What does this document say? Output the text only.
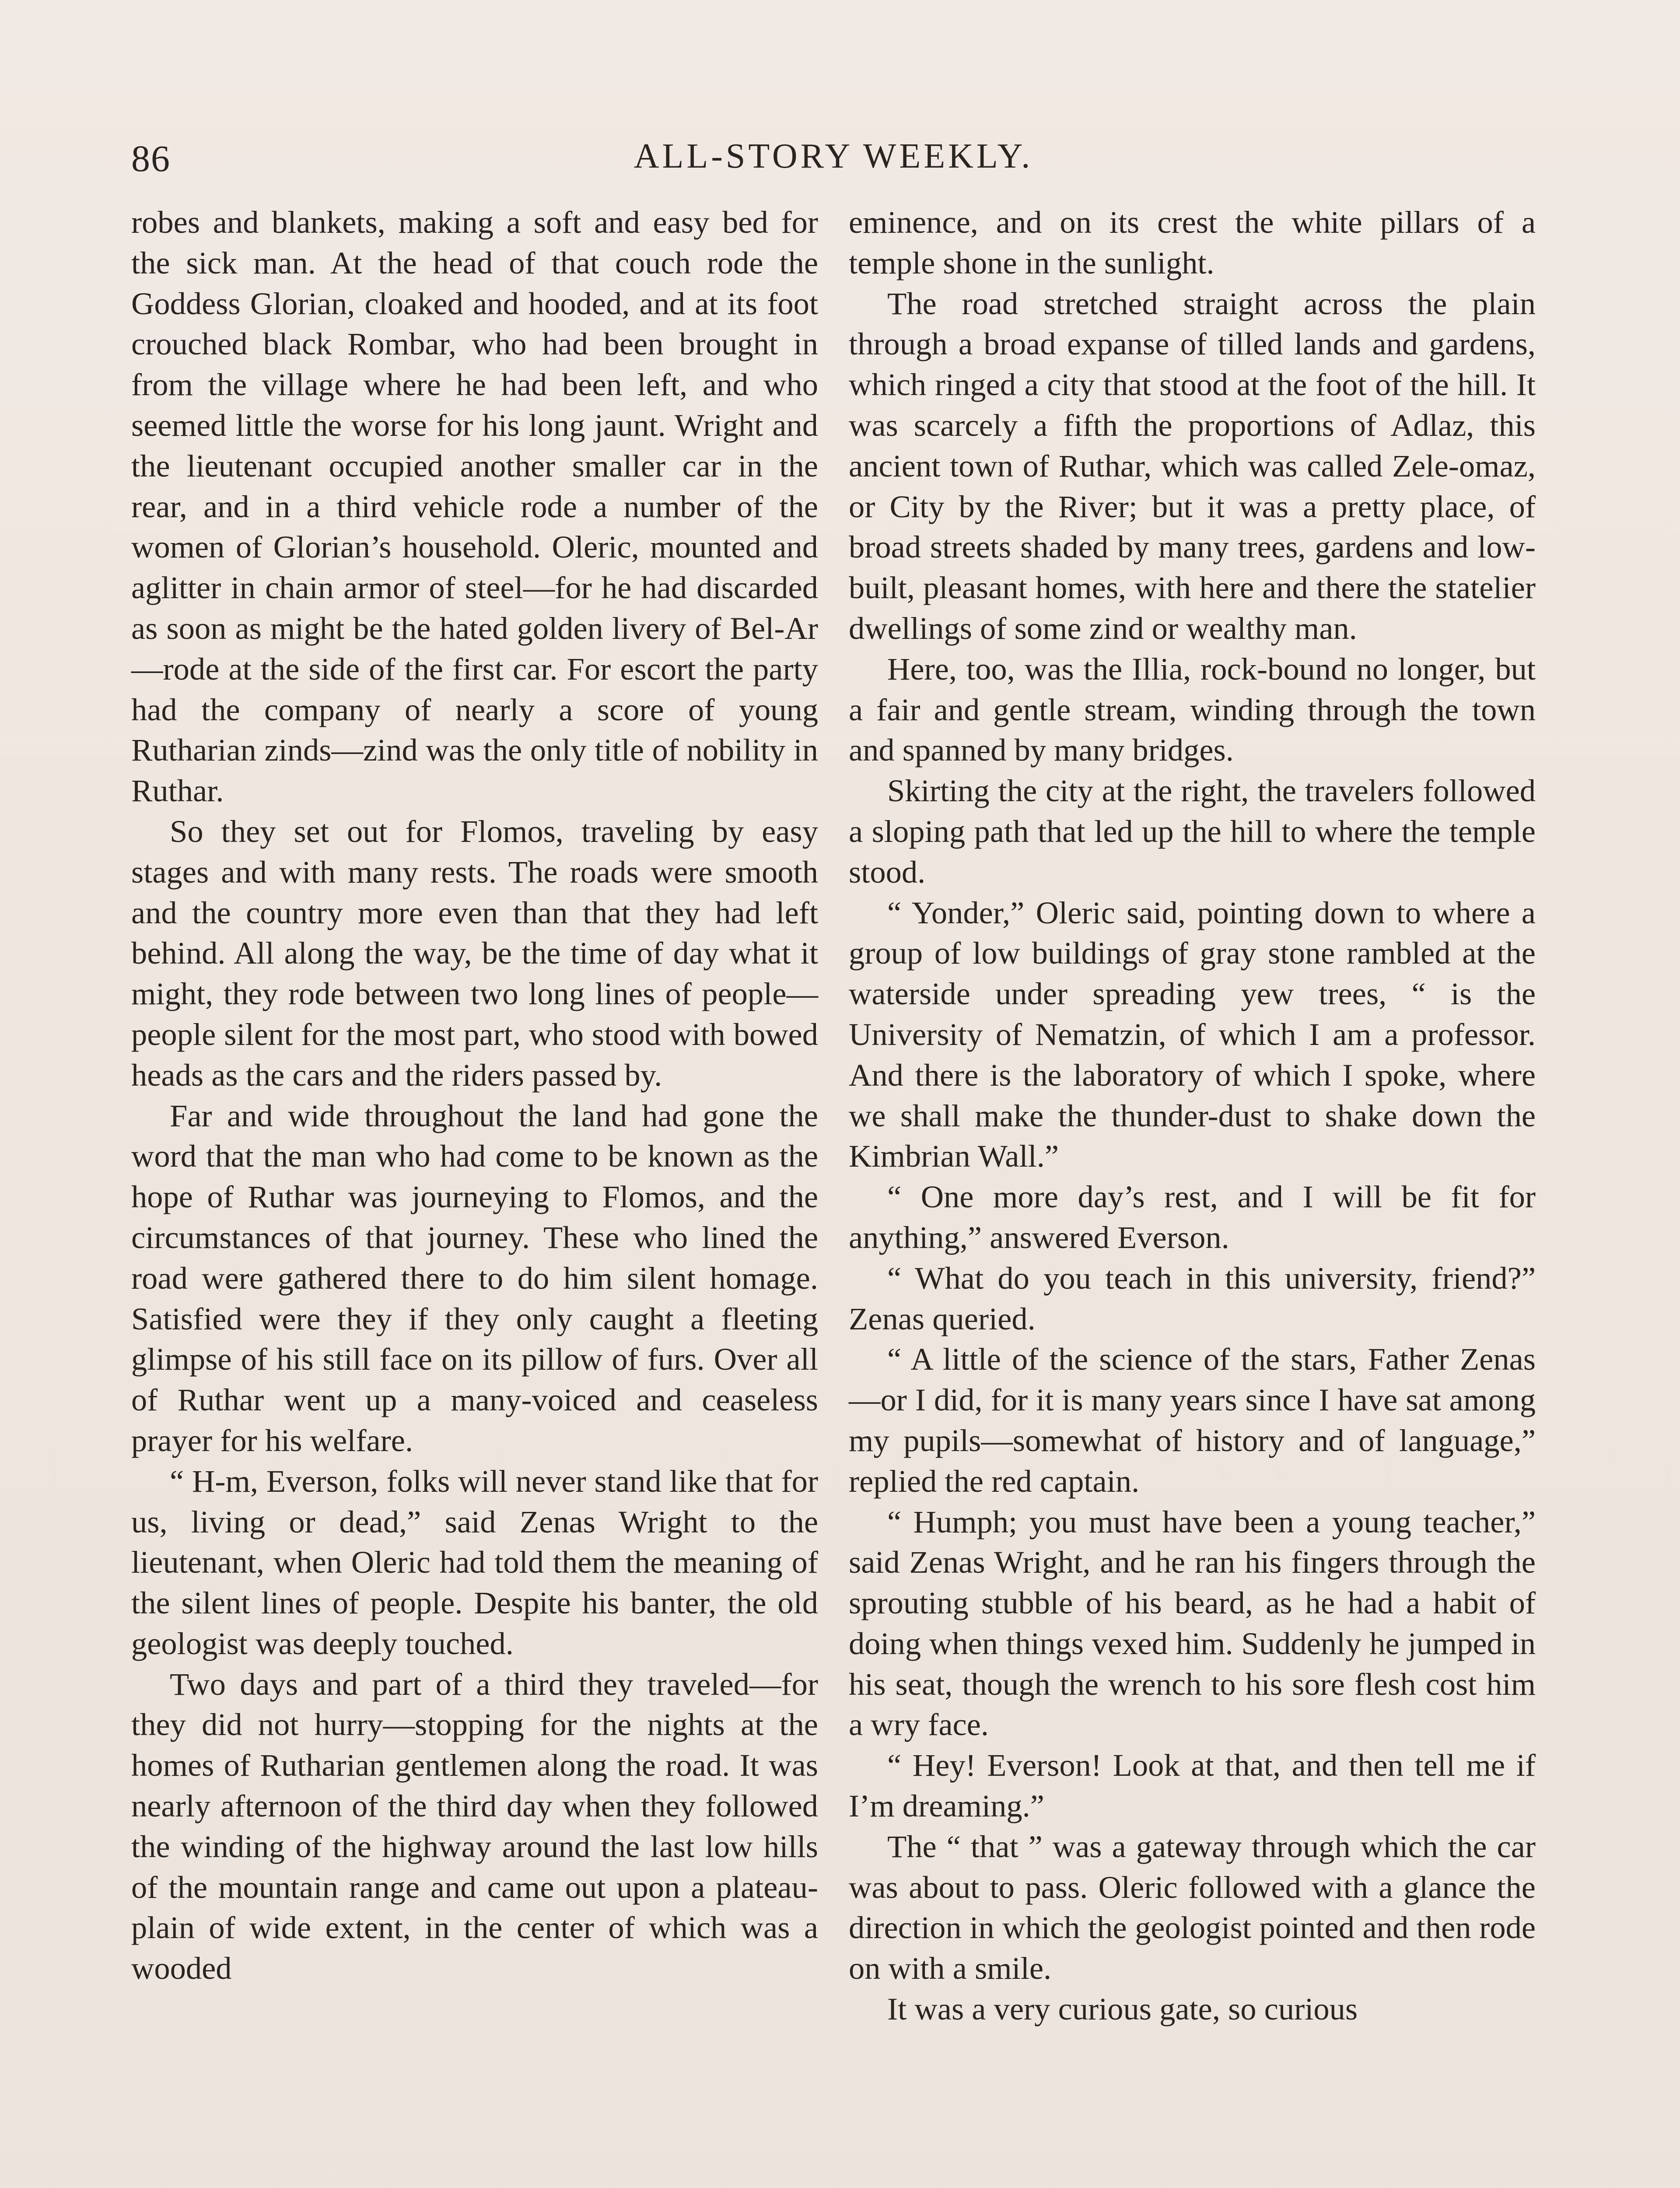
86	ALL-STORY WEEKLY.

robes and blankets, making a soft and easy bed for the sick man. At the head of that couch rode the Goddess Glorian, cloaked and hooded, and at its foot crouched black Rombar, who had been brought in from the village where he had been left, and who seemed little the worse for his long jaunt. Wright and the lieutenant occupied another smaller car in the rear, and in a third vehicle rode a number of the women of Glorian’s household. Oleric, mounted and aglitter in chain armor of steel—for he had discarded as soon as might be the hated golden livery of Bel-Ar—rode at the side of the first car. For escort the party had the company of nearly a score of young Rutharian zinds—zind was the only title of nobility in Ruthar.

So they set out for Flomos, traveling by easy stages and with many rests. The roads were smooth and the country more even than that they had left behind. All along the way, be the time of day what it might, they rode between two long lines of people—people silent for the most part, who stood with bowed heads as the cars and the riders passed by.

Far and wide throughout the land had gone the word that the man who had come to be known as the hope of Ruthar was journeying to Flomos, and the circumstances of that journey. These who lined the road were gathered there to do him silent homage. Satisfied were they if they only caught a fleeting glimpse of his still face on its pillow of furs. Over all of Ruthar went up a many-voiced and ceaseless prayer for his welfare.

“ H-m, Everson, folks will never stand like that for us, living or dead,” said Zenas Wright to the lieutenant, when Oleric had told them the meaning of the silent lines of people. Despite his banter, the old geologist was deeply touched.

Two days and part of a third they traveled—for they did not hurry—stopping for the nights at the homes of Rutharian gentlemen along the road. It was nearly afternoon of the third day when they followed the winding of the highway around the last low hills of the mountain range and came out upon a plateau-plain of wide extent, in the center of which was a wooded

eminence, and on its crest the white pillars of a temple shone in the sunlight.

The road stretched straight across the plain through a broad expanse of tilled lands and gardens, which ringed a city that stood at the foot of the hill. It was scarcely a fifth the proportions of Adlaz, this ancient town of Ruthar, which was called Zele-omaz, or City by the River; but it was a pretty place, of broad streets shaded by many trees, gardens and low-built, pleasant homes, with here and there the statelier dwellings of some zind or wealthy man.

Here, too, was the Illia, rock-bound no longer, but a fair and gentle stream, winding through the town and spanned by many bridges.

Skirting the city at the right, the travelers followed a sloping path that led up the hill to where the temple stood.

“ Yonder,” Oleric said, pointing down to where a group of low buildings of gray stone rambled at the waterside under spreading yew trees, “ is the University of Nematzin, of which I am a professor. And there is the laboratory of which I spoke, where we shall make the thunder-dust to shake down the Kimbrian Wall.”

“ One more day’s rest, and I will be fit for anything,” answered Everson.

“ What do you teach in this university, friend?” Zenas queried.

“ A little of the science of the stars, Father Zenas—or I did, for it is many years since I have sat among my pupils—somewhat of history and of language,” replied the red captain.

“ Humph; you must have been a young teacher,” said Zenas Wright, and he ran his fingers through the sprouting stubble of his beard, as he had a habit of doing when things vexed him. Suddenly he jumped in his seat, though the wrench to his sore flesh cost him a wry face.

“ Hey! Everson! Look at that, and then tell me if I’m dreaming.”

The “ that ” was a gateway through which the car was about to pass. Oleric followed with a glance the direction in which the geologist pointed and then rode on with a smile.

It was a very curious gate, so curious
